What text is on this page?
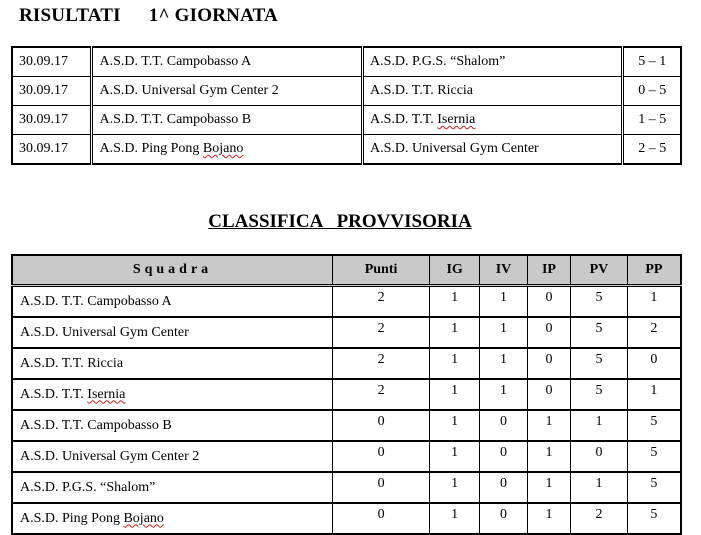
RISULTATI 1^ GIORNATA
30.09.17	A.S.D. T.T. Campobasso A	A.S.D. P.G.S. “Shalom”	5 – 1
30.09.17	A.S.D. Universal Gym Center 2	A.S.D. T.T. Riccia	0 – 5
30.09.17	A.S.D. T.T. Campobasso B	A.S.D. T.T. Isernia	1 – 5
30.09.17	A.S.D. Ping Pong Bojano	A.S.D. Universal Gym Center	2 – 5
CLASSIFICA   PROVVISORIA
Squadra	Punti	IG	IV	IP	PV	PP
A.S.D. T.T. Campobasso A	2	1	1	0	5	1
A.S.D. Universal Gym Center	2	1	1	0	5	2
A.S.D. T.T. Riccia	2	1	1	0	5	0
A.S.D. T.T. Isernia	2	1	1	0	5	1
A.S.D. T.T. Campobasso B	0	1	0	1	1	5
A.S.D. Universal Gym Center 2	0	1	0	1	0	5
A.S.D. P.G.S. “Shalom”	0	1	0	1	1	5
A.S.D. Ping Pong Bojano	0	1	0	1	2	5
